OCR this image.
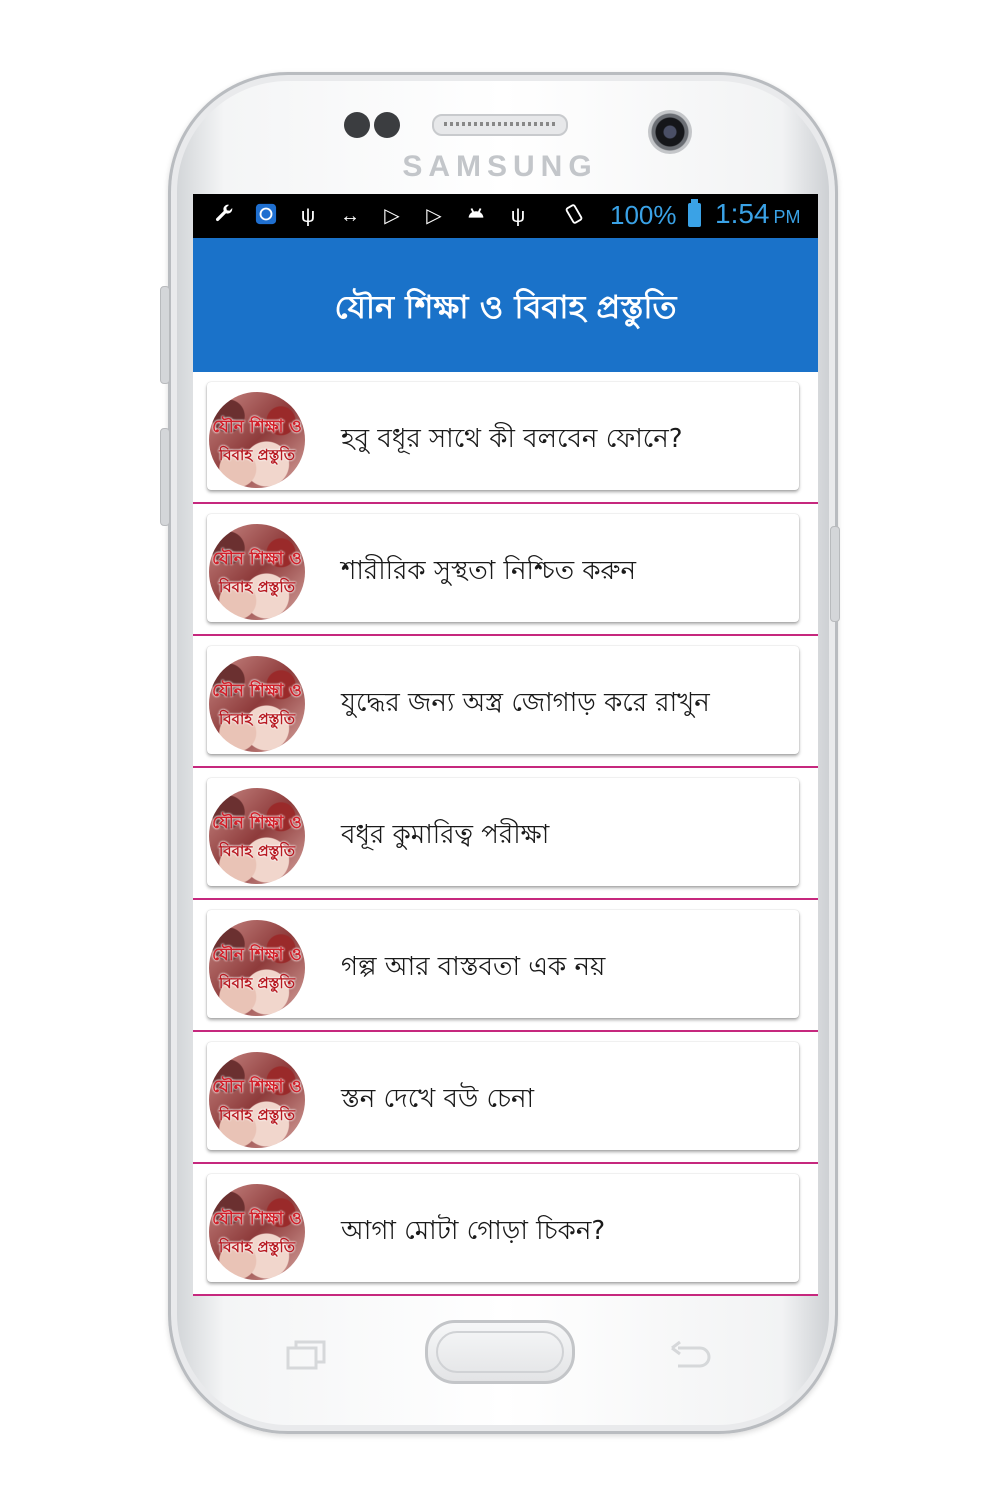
SAMSUNG
ψ ↔ ▷ ▷	ψ	100% 1:54 PM
যৌন শিক্ষা ও বিবাহ প্রস্তুতি
যৌন শিক্ষা ও
বিবাহ প্রস্তুতি
হবু বধূর সাথে কী বলবেন ফোনে?
যৌন শিক্ষা ও
বিবাহ প্রস্তুতি
শারীরিক সুস্থতা নিশ্চিত করুন
যৌন শিক্ষা ও
বিবাহ প্রস্তুতি
যুদ্ধের জন্য অস্ত্র জোগাড় করে রাখুন
যৌন শিক্ষা ও
বিবাহ প্রস্তুতি
বধূর কুমারিত্ব পরীক্ষা
যৌন শিক্ষা ও
বিবাহ প্রস্তুতি
গল্প আর বাস্তবতা এক নয়
যৌন শিক্ষা ও
বিবাহ প্রস্তুতি
স্তন দেখে বউ চেনা
যৌন শিক্ষা ও
বিবাহ প্রস্তুতি
আগা মোটা গোড়া চিকন?
